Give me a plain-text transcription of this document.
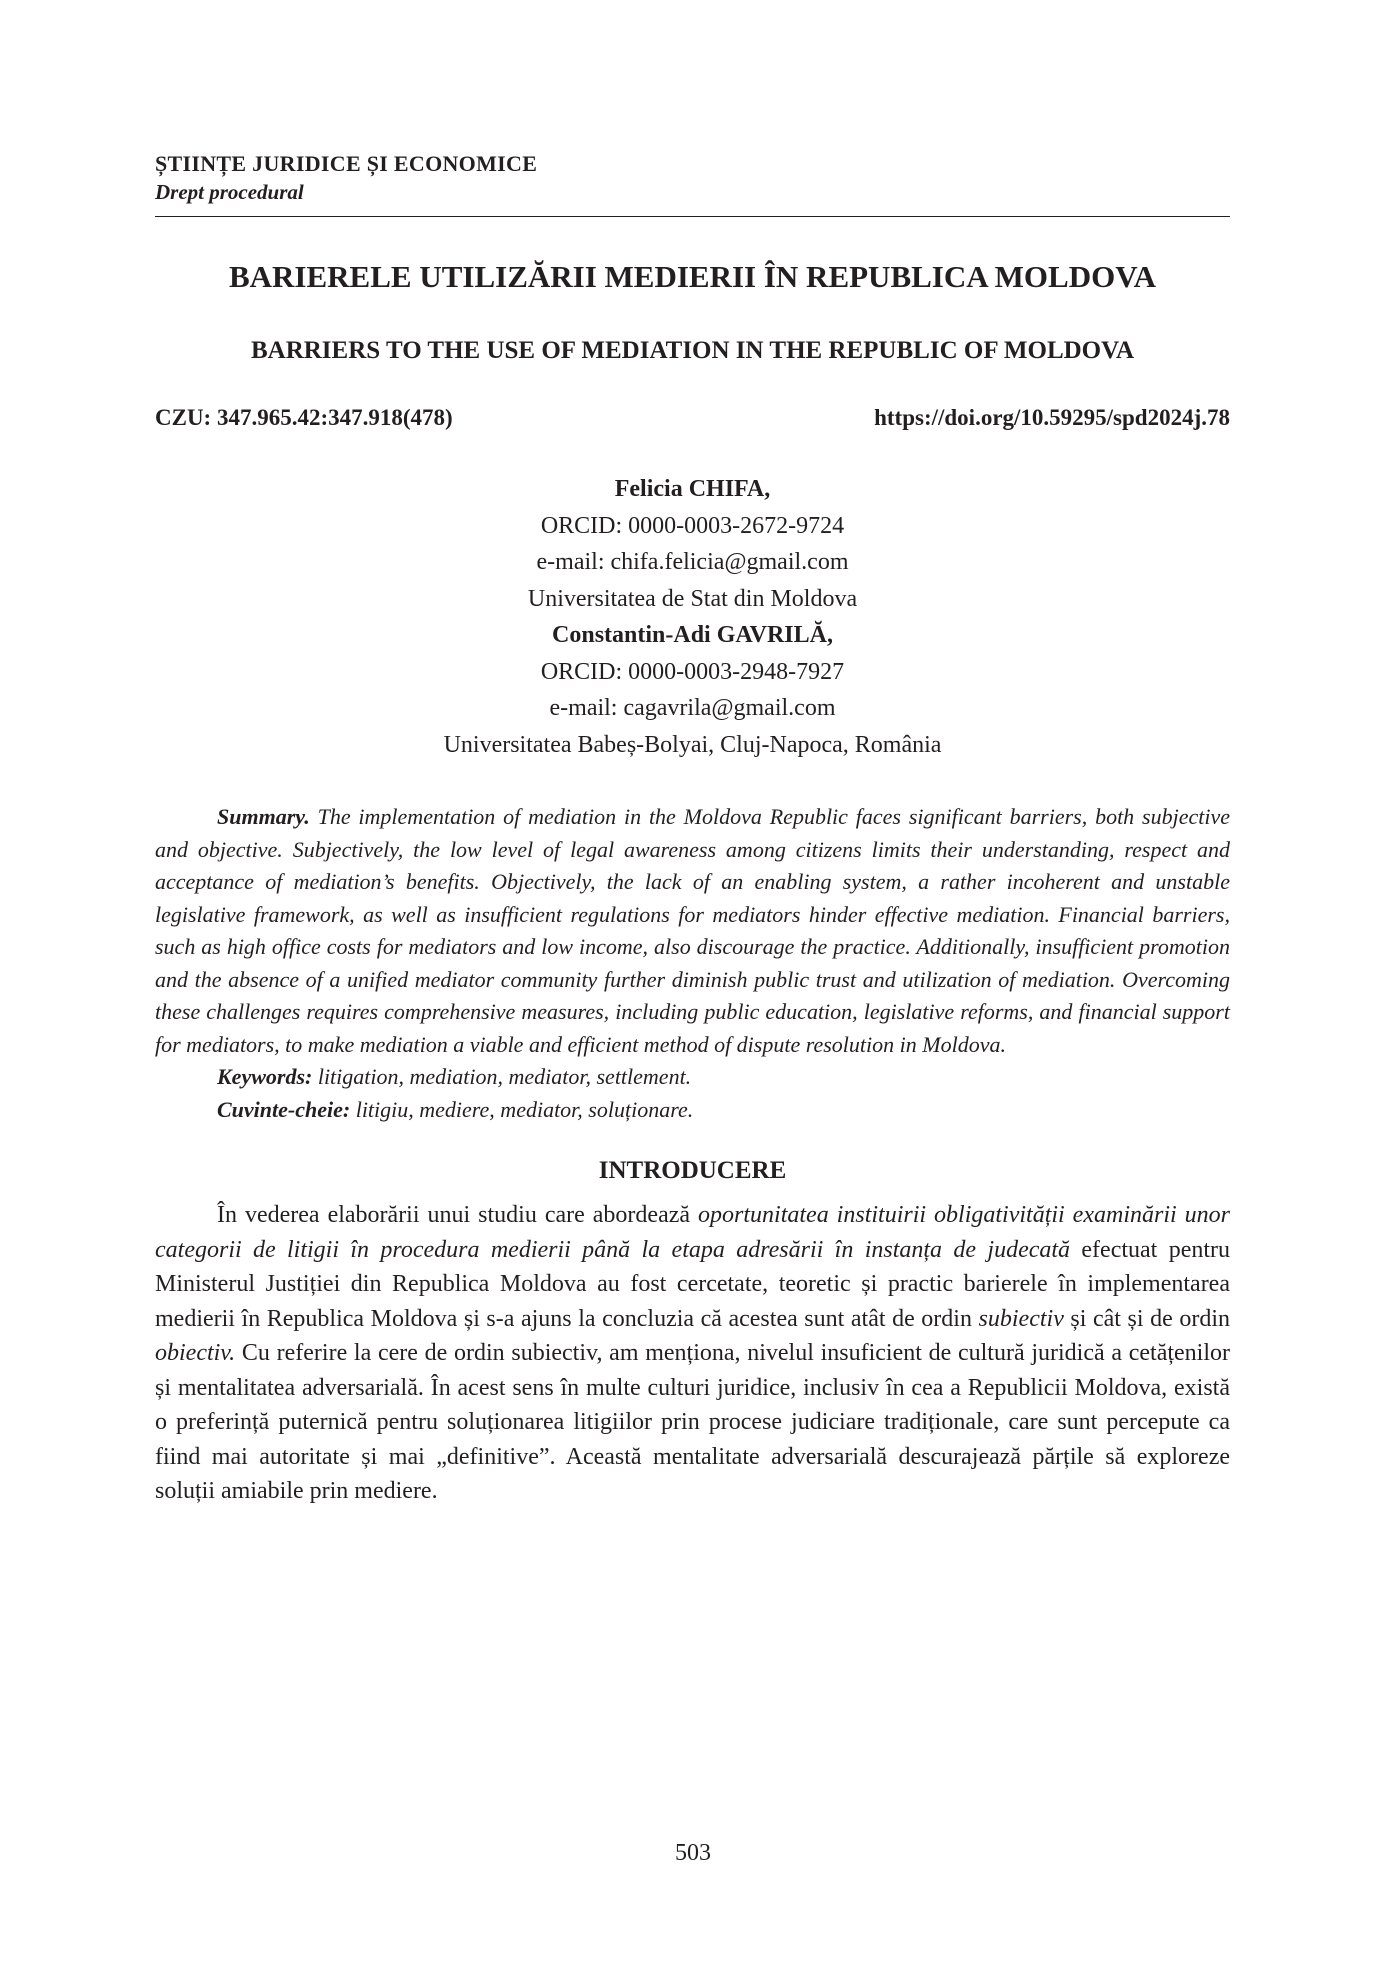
ȘTIINȚE JURIDICE ȘI ECONOMICE
Drept procedural
BARIERELE UTILIZĂRII MEDIERII ÎN REPUBLICA MOLDOVA
BARRIERS TO THE USE OF MEDIATION IN THE REPUBLIC OF MOLDOVA
CZU: 347.965.42:347.918(478)	https://doi.org/10.59295/spd2024j.78
Felicia CHIFA,
ORCID: 0000-0003-2672-9724
e-mail: chifa.felicia@gmail.com
Universitatea de Stat din Moldova
Constantin-Adi GAVRILĂ,
ORCID: 0000-0003-2948-7927
e-mail: cagavrila@gmail.com
Universitatea Babeș-Bolyai, Cluj-Napoca, România

Summary. The implementation of mediation in the Moldova Republic faces significant barriers, both subjective and objective. Subjectively, the low level of legal awareness among citizens limits their understanding, respect and acceptance of mediation’s benefits. Objectively, the lack of an enabling system, a rather incoherent and unstable legislative framework, as well as insufficient regulations for mediators hinder effective mediation. Financial barriers, such as high office costs for mediators and low income, also discourage the practice. Additionally, insufficient promotion and the absence of a unified mediator community further diminish public trust and utilization of mediation. Overcoming these challenges requires comprehensive measures, including public education, legislative reforms, and financial support for mediators, to make mediation a viable and efficient method of dispute resolution in Moldova.

Keywords: litigation, mediation, mediator, settlement.

Cuvinte-cheie: litigiu, mediere, mediator, soluționare.

INTRODUCERE

În vederea elaborării unui studiu care abordează oportunitatea instituirii obligativității examinării unor categorii de litigii în procedura medierii până la etapa adresării în instanța de judecată efectuat pentru Ministerul Justiției din Republica Moldova au fost cercetate, teoretic și practic barierele în implementarea medierii în Republica Moldova și s-a ajuns la concluzia că acestea sunt atât de ordin subiectiv și cât și de ordin obiectiv. Cu referire la cere de ordin subiectiv, am menționa, nivelul insuficient de cultură juridică a cetățenilor și mentalitatea adversarială. În acest sens în multe culturi juridice, inclusiv în cea a Republicii Moldova, există o preferință puternică pentru soluționarea litigiilor prin procese judiciare tradiționale, care sunt percepute ca fiind mai autoritate și mai „definitive”. Această mentalitate adversarială descurajează părțile să exploreze soluții amiabile prin mediere.

503
